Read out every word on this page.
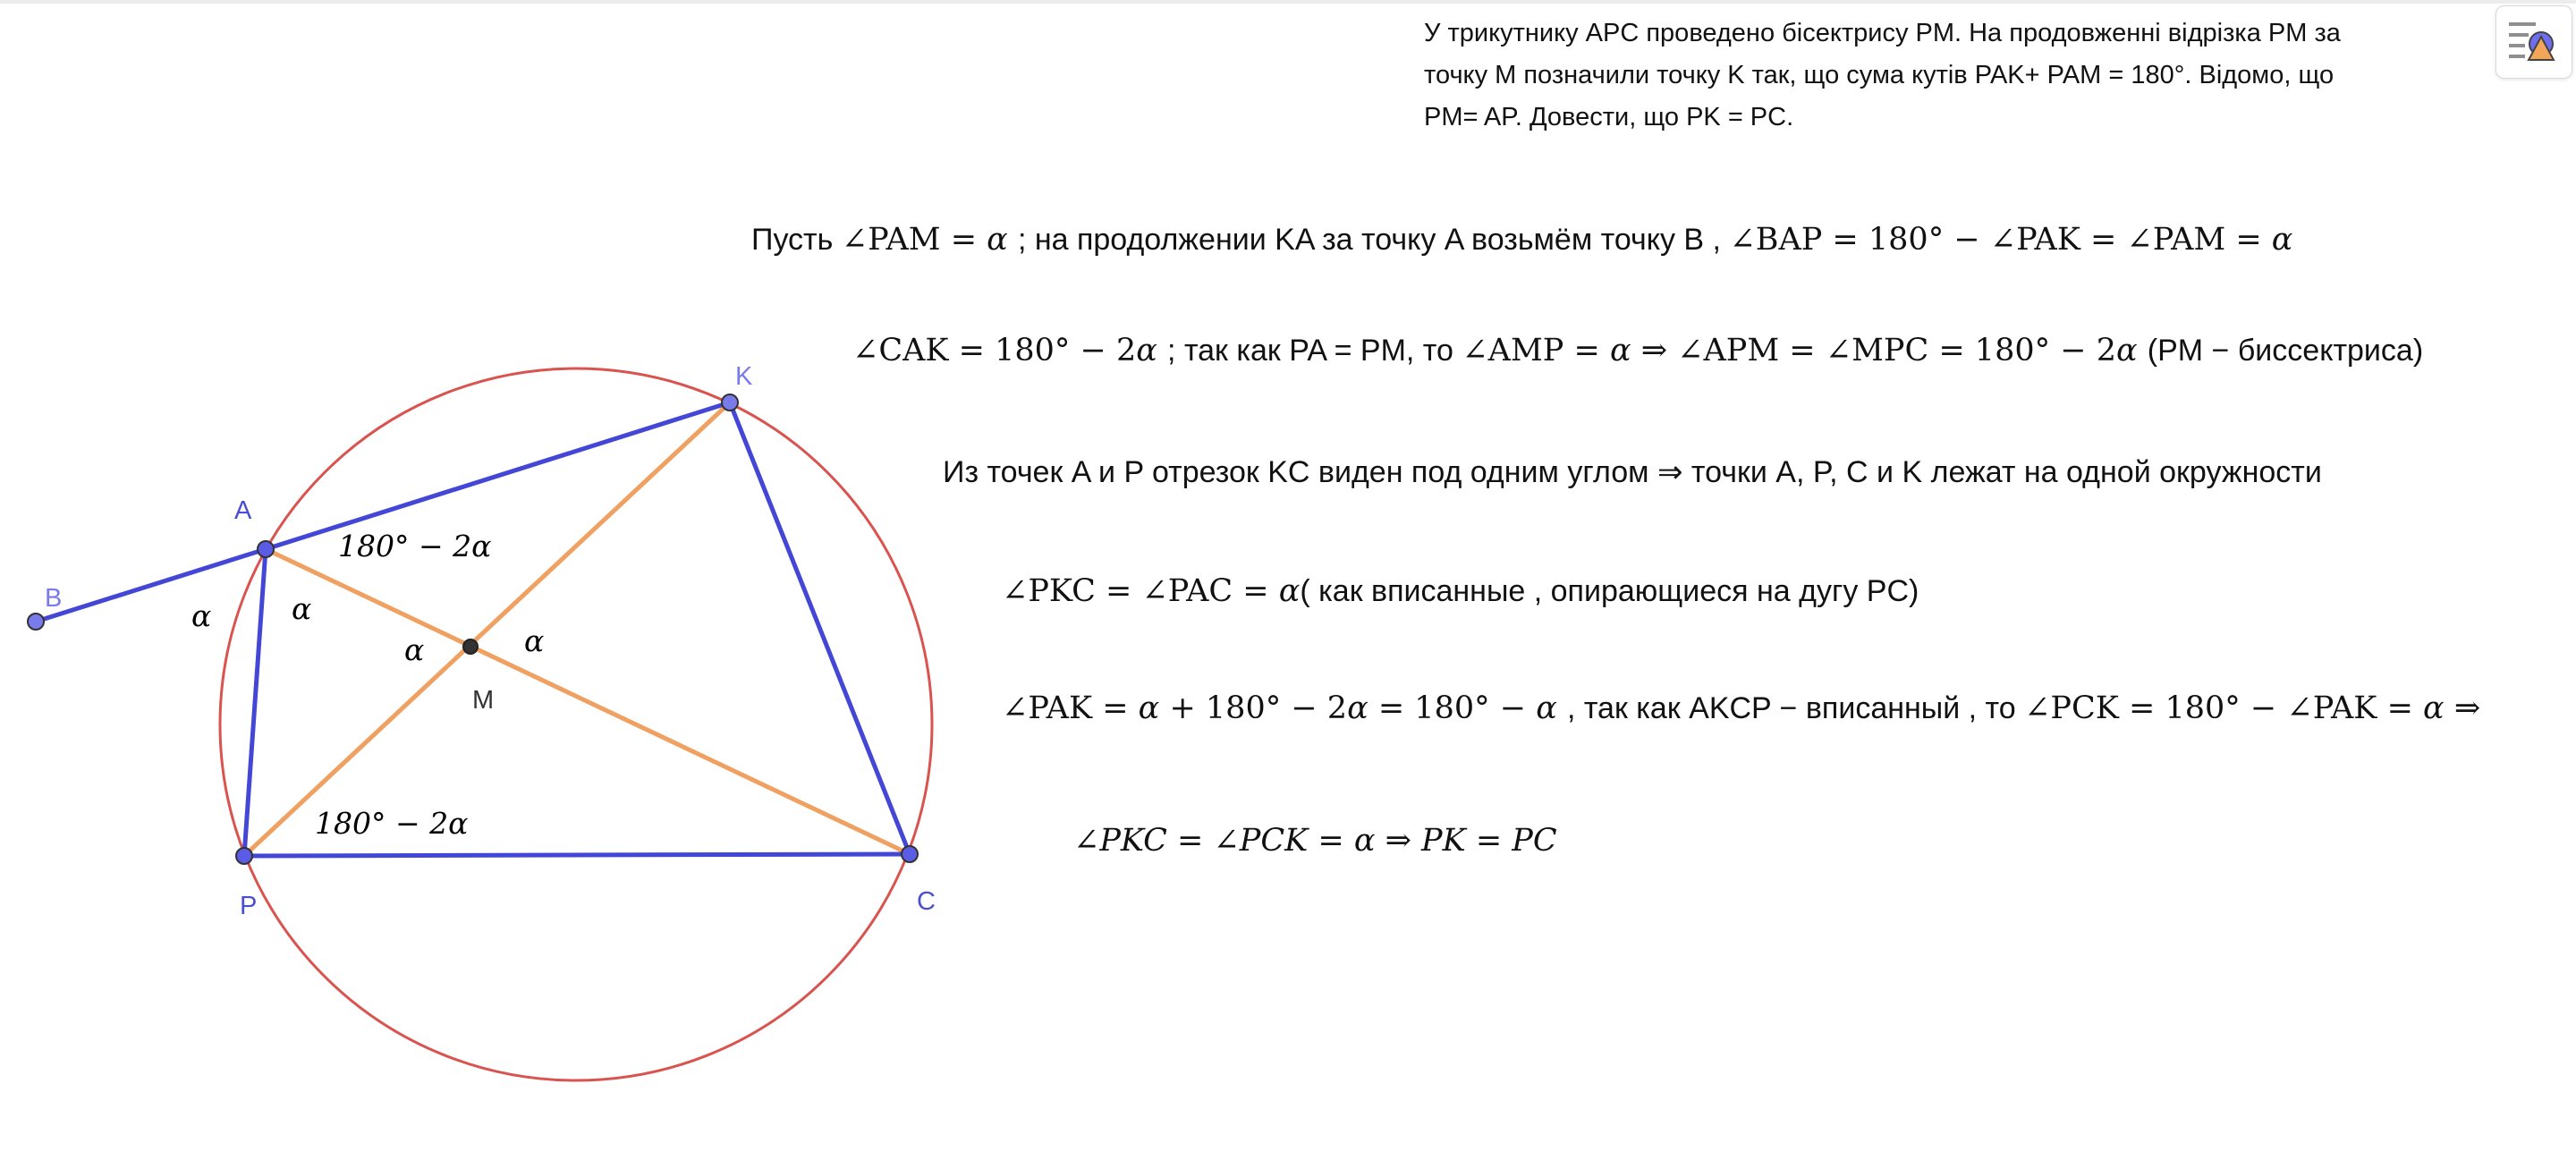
У трикутнику APC проведено бісектрису PM. На продовженні відрізка PM за
точку M позначили точку K так, що сума кутів PAK+ PAM = 180°. Відомо, що
PM= AP. Довести, що PK = PC.
Пусть ∠PAM = α ; на продолжении KA за точку A возьмём точку B , ∠BAP = 180° − ∠PAK = ∠PAM = α
∠CAK = 180° − 2α ; так как PA = PM, то ∠AMP = α ⇒ ∠APM = ∠MPC = 180° − 2α (PM − биссектриса)
Из точек A и P отрезок KC виден под одним углом ⇒ точки A, P, C и K лежат на одной окружности
∠PKC = ∠PAC = α( как вписанные , опирающиеся на дугу PC)
∠PAK = α + 180° − 2α = 180° − α , так как AKCP − вписанный , то ∠PCK = 180° − ∠PAK = α ⇒
∠PKC = ∠PCK = α ⇒ PK = PC
B
A
K
M
P	C
180° − 2α
α	α
α	α
180° − 2α
